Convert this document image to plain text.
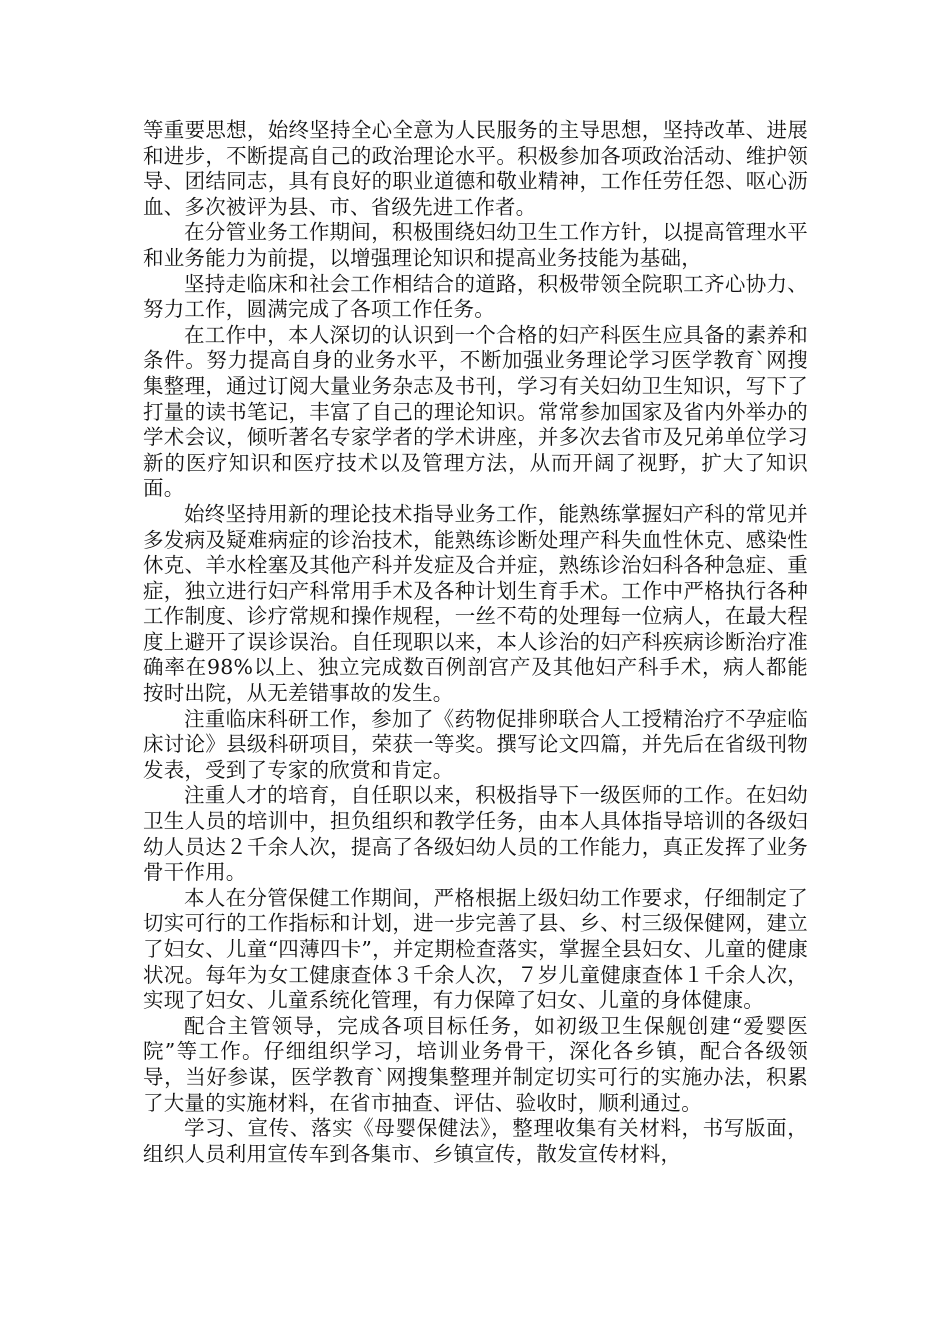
等重要思想，始终坚持全心全意为人民服务的主导思想，坚持改革、进展和进步，不断提高自己的政治理论水平。积极参加各项政治活动、维护领导、团结同志，具有良好的职业道德和敬业精神，工作任劳任怨、呕心沥血、多次被评为县、市、省级先进工作者。

在分管业务工作期间，积极围绕妇幼卫生工作方针，以提高管理水平和业务能力为前提，以增强理论知识和提高业务技能为基础，

坚持走临床和社会工作相结合的道路，积极带领全院职工齐心协力、努力工作，圆满完成了各项工作任务。

在工作中，本人深切的认识到一个合格的妇产科医生应具备的素养和条件。努力提高自身的业务水平，不断加强业务理论学习医学教育`网搜集整理，通过订阅大量业务杂志及书刊，学习有关妇幼卫生知识，写下了打量的读书笔记，丰富了自己的理论知识。常常参加国家及省内外举办的学术会议，倾听著名专家学者的学术讲座，并多次去省市及兄弟单位学习新的医疗知识和医疗技术以及管理方法，从而开阔了视野，扩大了知识面。

始终坚持用新的理论技术指导业务工作，能熟练掌握妇产科的常见并多发病及疑难病症的诊治技术，能熟练诊断处理产科失血性休克、感染性休克、羊水栓塞及其他产科并发症及合并症，熟练诊治妇科各种急症、重症，独立进行妇产科常用手术及各种计划生育手术。工作中严格执行各种工作制度、诊疗常规和操作规程，一丝不苟的处理每一位病人，在最大程度上避开了误诊误治。自任现职以来，本人诊治的妇产科疾病诊断治疗准确率在98%以上、独立完成数百例剖宫产及其他妇产科手术，病人都能按时出院，从无差错事故的发生。

注重临床科研工作，参加了《药物促排卵联合人工授精治疗不孕症临床讨论》县级科研项目，荣获一等奖。撰写论文四篇，并先后在省级刊物发表，受到了专家的欣赏和肯定。

注重人才的培育，自任职以来，积极指导下一级医师的工作。在妇幼卫生人员的培训中，担负组织和教学任务，由本人具体指导培训的各级妇幼人员达２千余人次，提高了各级妇幼人员的工作能力，真正发挥了业务骨干作用。

本人在分管保健工作期间，严格根据上级妇幼工作要求，仔细制定了切实可行的工作指标和计划，进一步完善了县、乡、村三级保健网，建立了妇女、儿童“四薄四卡”，并定期检查落实，掌握全县妇女、儿童的健康状况。每年为女工健康查体３千余人次，７岁儿童健康查体１千余人次，实现了妇女、儿童系统化管理，有力保障了妇女、儿童的身体健康。

配合主管领导，完成各项目标任务，如初级卫生保舰创建“爱婴医院”等工作。仔细组织学习，培训业务骨干，深化各乡镇，配合各级领导，当好参谋，医学教育`网搜集整理并制定切实可行的实施办法，积累了大量的实施材料，在省市抽查、评估、验收时，顺利通过。

学习、宣传、落实《母婴保健法》，整理收集有关材料，书写版面，组织人员利用宣传车到各集市、乡镇宣传，散发宣传材料，
